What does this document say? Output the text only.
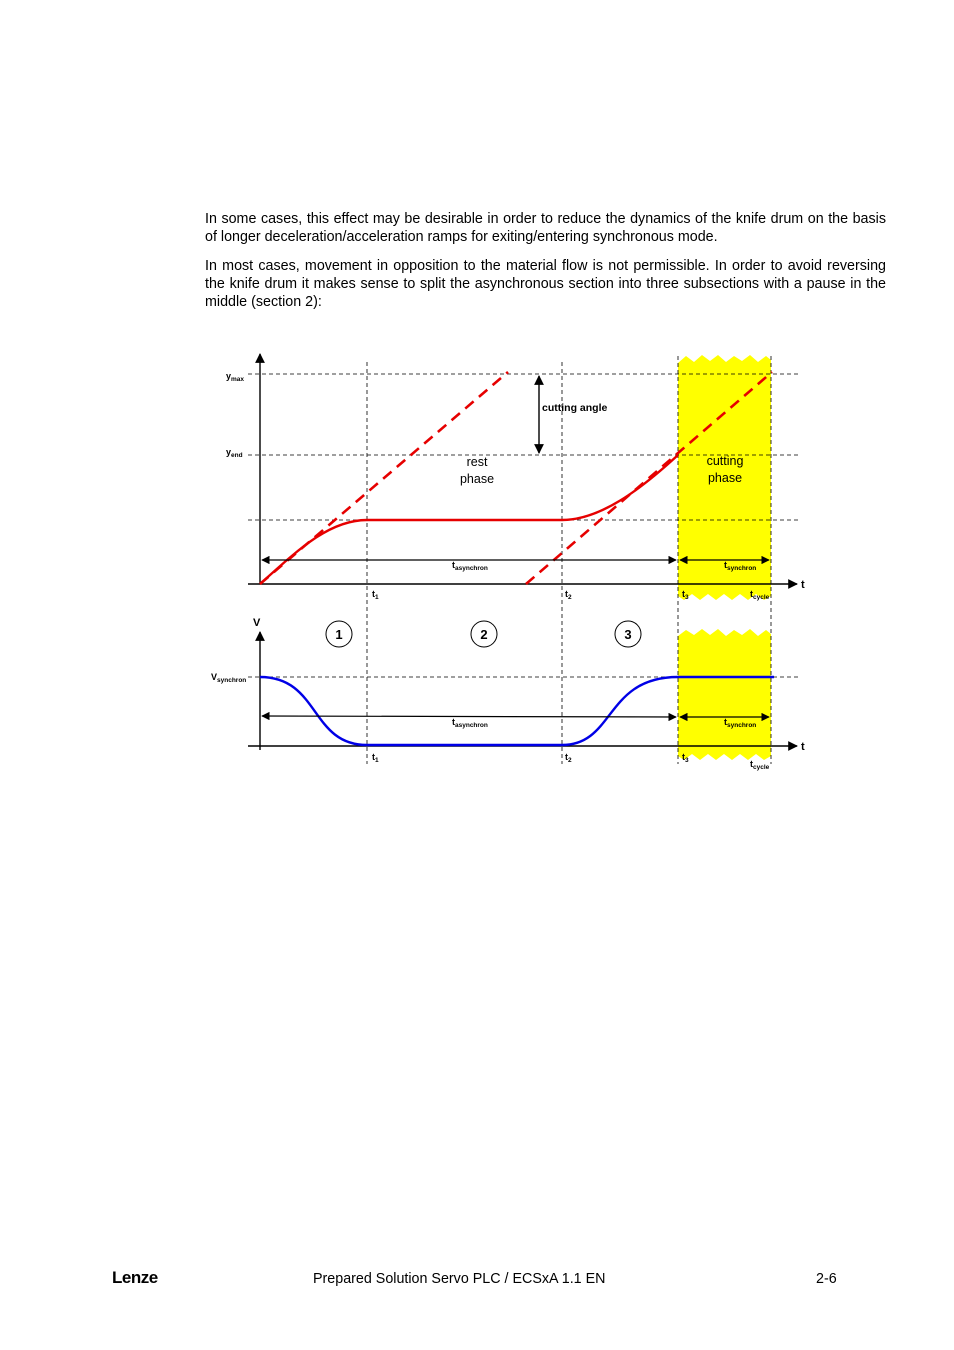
In some cases, this effect may be desirable in order to reduce the dynamics of the knife drum on the basis of longer deceleration/acceleration ramps for exiting/entering synchronous mode.

In most cases, movement in opposition to the material flow is not permissible. In order to avoid reversing the knife drum it makes sense to split the asynchronous section into three subsections with a pause in the middle (section 2):

1	2	3
$y_{max}$
$y_{end}$
cutting angle
rest
phase
cutting
phase
$t_{asynchron}$	$t_{synchron}$
$t_{asynchron}$	$t_{synchron}$
$t_1$	$t_2$	$t_3$	$t_{cycle}$
t
$t_1$	$t_2$	$t_3$	$t_{cycle}$
t
V
$V_{synchron}$
Lenze	Prepared Solution Servo PLC / ECSxA 1.1 EN	2-6
